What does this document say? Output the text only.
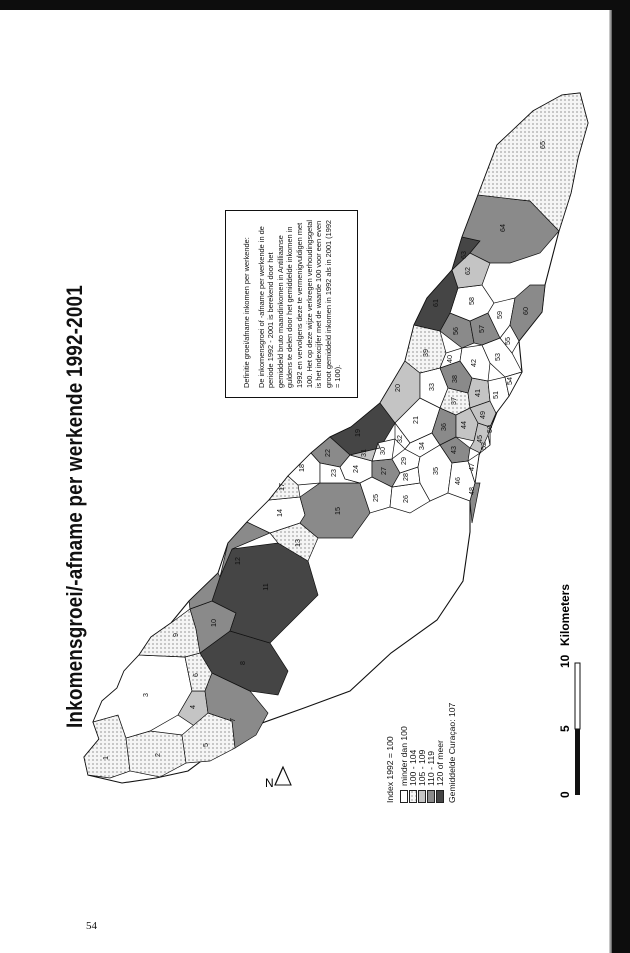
54
1
2
3
4
5
6
7
8
9
10
11
12
13
14	15
17
18
19
20
21
22
23 24
25	26
27
28
29
30
31
32
33
34
35
36
37
38
39
40
41
42
43
44
45
46
47
48
49
50
51
52
53
54
55
56 57
58
59 60
61
62
63
64
65
N
0
5
10
Kilometers
Inkomensgroei/-afname per werkende 1992-2001	Definitie groei/afname inkomen per werkende: De inkomensgroei of -afname per werkende in de periode 1992 - 2001 is berekend door het gemiddeld bruto maandinkomen in Antilliaanse guldens te delen door het gemiddelde inkomen in 1992 en vervolgens deze te vermenigvuldigen met 100. Het op deze wijze verkregen verhoudingsgetal is het indexcijfer met de waarde 100 voor een even groot gemiddeld inkomen in 1992 als in 2001 (1992 = 100).
Index 1992 = 100 minder dan 100 100 - 104 105 - 109 110 - 119 120 of meer Gemiddelde Curaçao: 107
